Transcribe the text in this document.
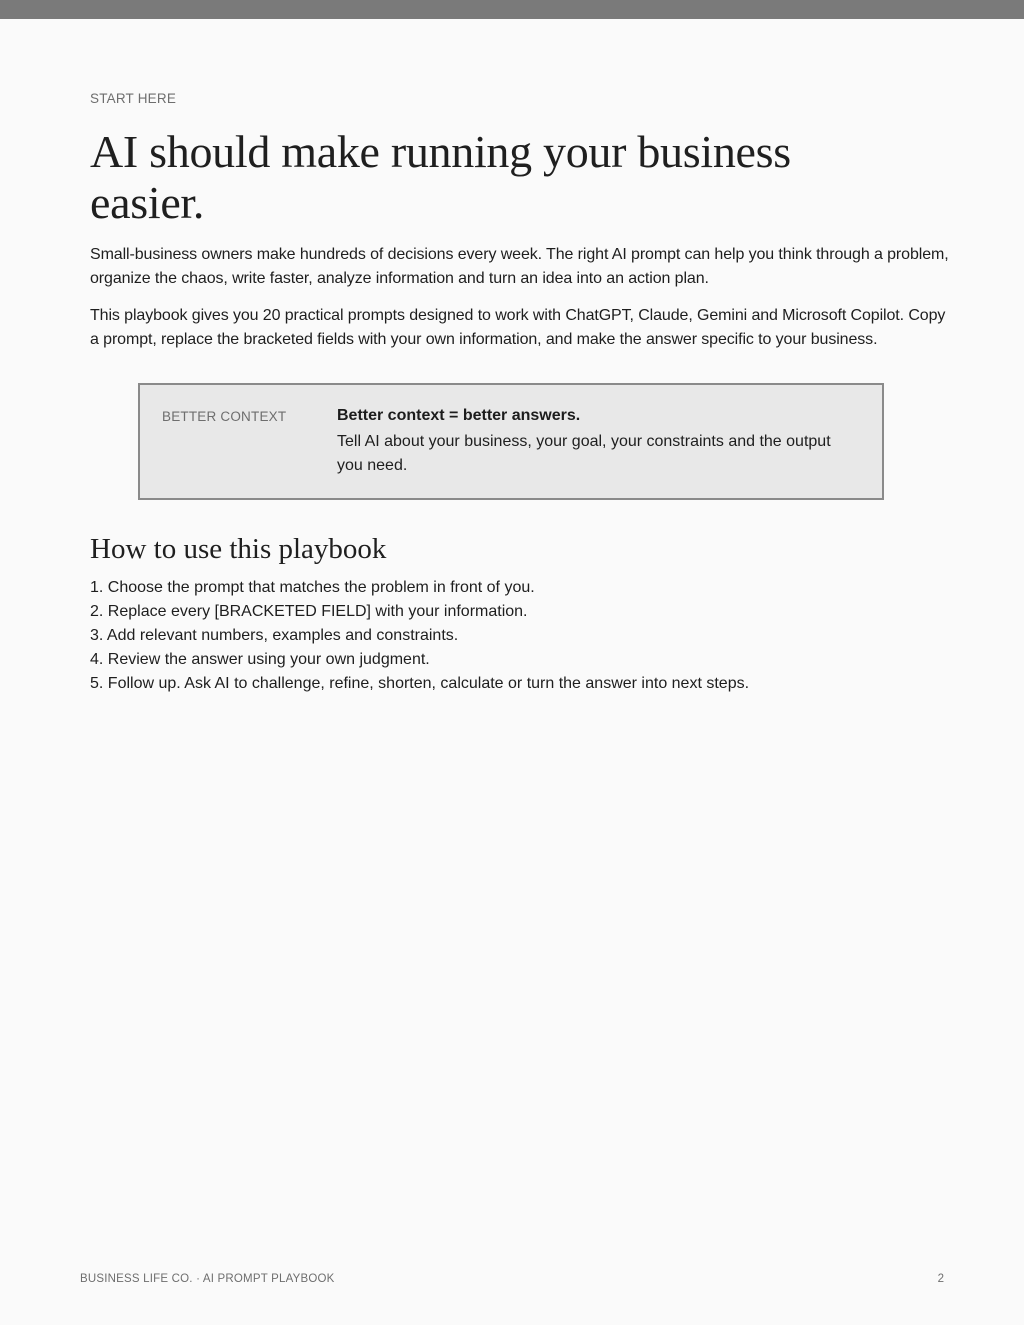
START HERE
AI should make running your business easier.

Small-business owners make hundreds of decisions every week. The right AI prompt can help you think through a problem, organize the chaos, write faster, analyze information and turn an idea into an action plan.

This playbook gives you 20 practical prompts designed to work with ChatGPT, Claude, Gemini and Microsoft Copilot. Copy a prompt, replace the bracketed fields with your own information, and make the answer specific to your business.

BETTER CONTEXT	Better context = better answers.

Tell AI about your business, your goal, your constraints and the output you need.

How to use this playbook
1. Choose the prompt that matches the problem in front of you.
2. Replace every [BRACKETED FIELD] with your information.
3. Add relevant numbers, examples and constraints.
4. Review the answer using your own judgment.
5. Follow up. Ask AI to challenge, refine, shorten, calculate or turn the answer into next steps.
BUSINESS LIFE CO. · AI PROMPT PLAYBOOK	2
